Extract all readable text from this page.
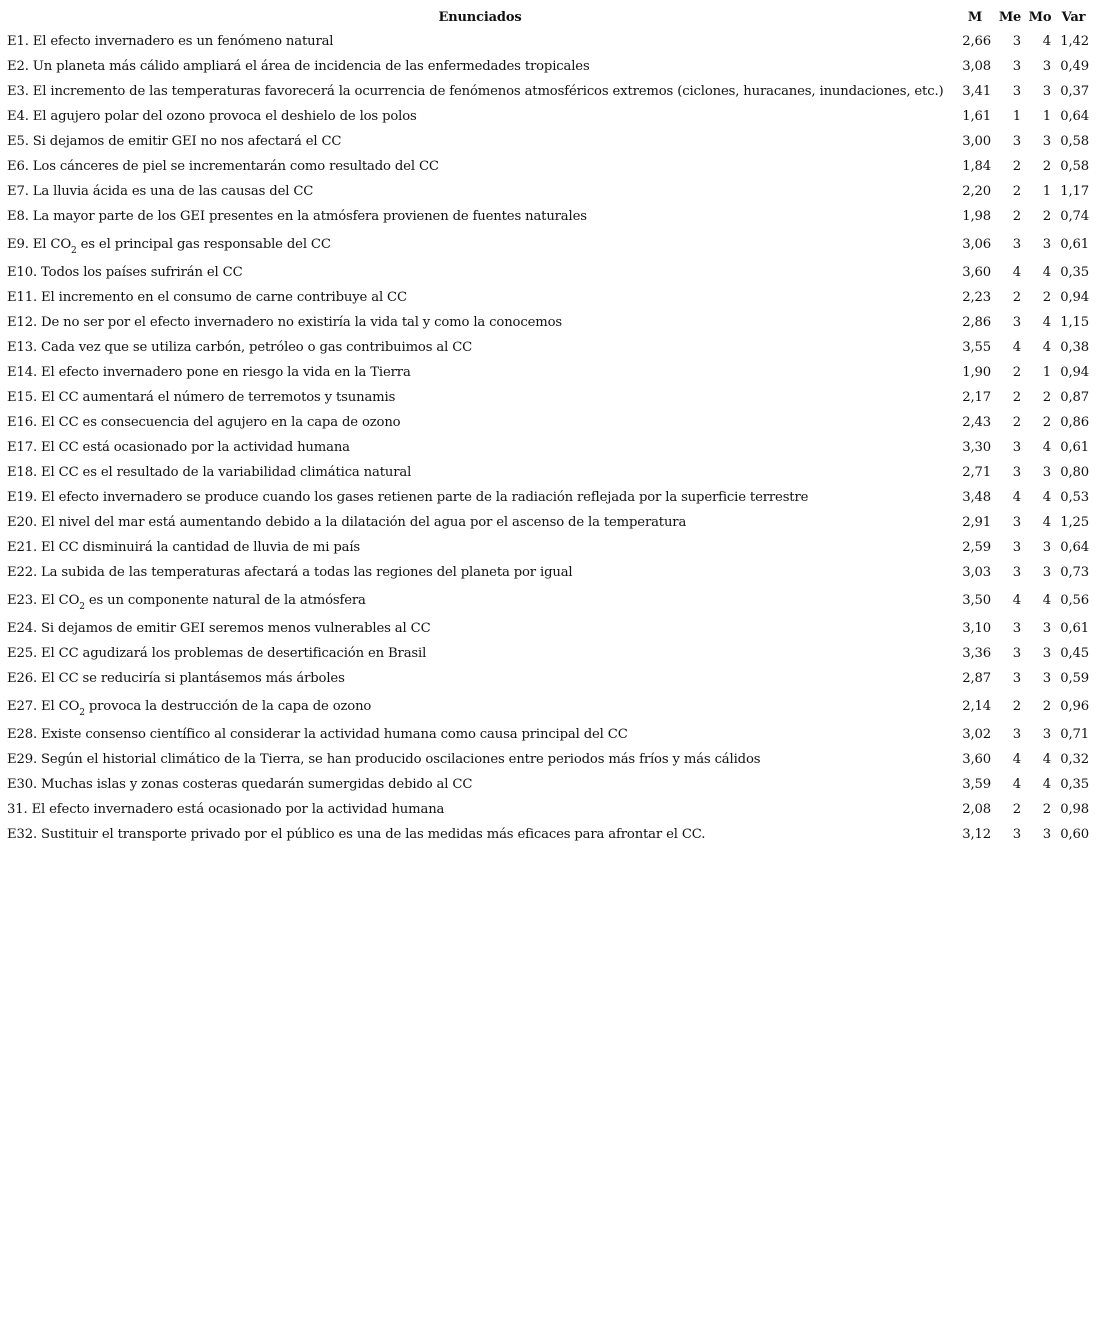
Enunciados	M	Me	Mo	Var
E1. El efecto invernadero es un fenómeno natural	2,66	3	4	1,42
E2. Un planeta más cálido ampliará el área de incidencia de las enfermedades tropicales	3,08	3	3	0,49
E3. El incremento de las temperaturas favorecerá la ocurrencia de fenómenos atmosféricos extremos (ciclones, huracanes, inundaciones, etc.)	3,41	3	3	0,37
E4. El agujero polar del ozono provoca el deshielo de los polos	1,61	1	1	0,64
E5. Si dejamos de emitir GEI no nos afectará el CC	3,00	3	3	0,58
E6. Los cánceres de piel se incrementarán como resultado del CC	1,84	2	2	0,58
E7. La lluvia ácida es una de las causas del CC	2,20	2	1	1,17
E8. La mayor parte de los GEI presentes en la atmósfera provienen de fuentes naturales	1,98	2	2	0,74
E9. El $CO_2$ es el principal gas responsable del CC	3,06	3	3	0,61
E10. Todos los países sufrirán el CC	3,60	4	4	0,35
E11. El incremento en el consumo de carne contribuye al CC	2,23	2	2	0,94
E12. De no ser por el efecto invernadero no existiría la vida tal y como la conocemos	2,86	3	4	1,15
E13. Cada vez que se utiliza carbón, petróleo o gas contribuimos al CC	3,55	4	4	0,38
E14. El efecto invernadero pone en riesgo la vida en la Tierra	1,90	2	1	0,94
E15. El CC aumentará el número de terremotos y tsunamis	2,17	2	2	0,87
E16. El CC es consecuencia del agujero en la capa de ozono	2,43	2	2	0,86
E17. El CC está ocasionado por la actividad humana	3,30	3	4	0,61
E18. El CC es el resultado de la variabilidad climática natural	2,71	3	3	0,80
E19. El efecto invernadero se produce cuando los gases retienen parte de la radiación reflejada por la superficie terrestre	3,48	4	4	0,53
E20. El nivel del mar está aumentando debido a la dilatación del agua por el ascenso de la temperatura	2,91	3	4	1,25
E21. El CC disminuirá la cantidad de lluvia de mi país	2,59	3	3	0,64
E22. La subida de las temperaturas afectará a todas las regiones del planeta por igual	3,03	3	3	0,73
E23. El $CO_2$ es un componente natural de la atmósfera	3,50	4	4	0,56
E24. Si dejamos de emitir GEI seremos menos vulnerables al CC	3,10	3	3	0,61
E25. El CC agudizará los problemas de desertificación en Brasil	3,36	3	3	0,45
E26. El CC se reduciría si plantásemos más árboles	2,87	3	3	0,59
E27. El $CO_2$ provoca la destrucción de la capa de ozono	2,14	2	2	0,96
E28. Existe consenso científico al considerar la actividad humana como causa principal del CC	3,02	3	3	0,71
E29. Según el historial climático de la Tierra, se han producido oscilaciones entre periodos más fríos y más cálidos	3,60	4	4	0,32
E30. Muchas islas y zonas costeras quedarán sumergidas debido al CC	3,59	4	4	0,35
31. El efecto invernadero está ocasionado por la actividad humana	2,08	2	2	0,98
E32. Sustituir el transporte privado por el público es una de las medidas más eficaces para afrontar el CC.	3,12	3	3	0,60
